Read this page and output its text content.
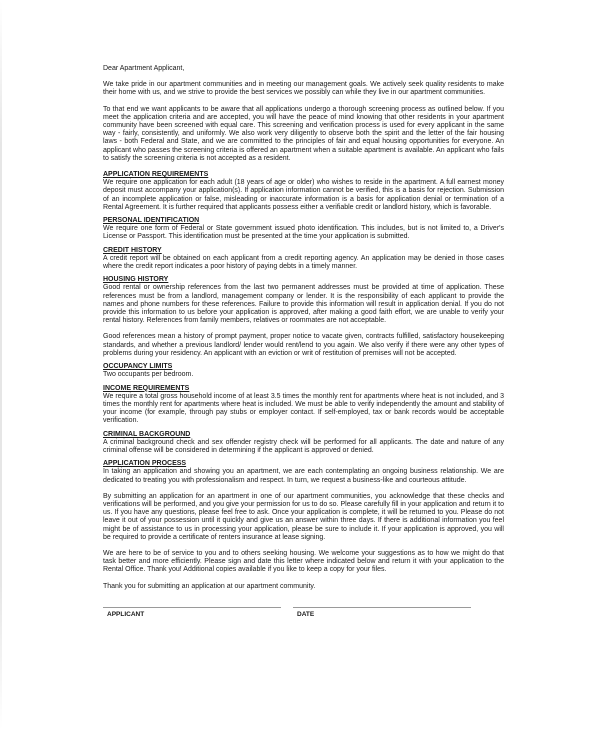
Dear Apartment Applicant,

We take pride in our apartment communities and in meeting our management goals. We actively seek quality residents to make their home with us, and we strive to provide the best services we possibly can while they live in our apartment communities.

To that end we want applicants to be aware that all applications undergo a thorough screening process as outlined below. If you meet the application criteria and are accepted, you will have the peace of mind knowing that other residents in your apartment community have been screened with equal care. This screening and verification process is used for every applicant in the same way - fairly, consistently, and uniformly. We also work very diligently to observe both the spirit and the letter of the fair housing laws - both Federal and State, and we are committed to the principles of fair and equal housing opportunities for everyone. An applicant who passes the screening criteria is offered an apartment when a suitable apartment is available. An applicant who fails to satisfy the screening criteria is not accepted as a resident.

APPLICATION REQUIREMENTS

We require one application for each adult (18 years of age or older) who wishes to reside in the apartment. A full earnest money deposit must accompany your application(s). If application information cannot be verified, this is a basis for rejection. Submission of an incomplete application or false, misleading or inaccurate information is a basis for application denial or termination of a Rental Agreement. It is further required that applicants possess either a verifiable credit or landlord history, which is favorable.

PERSONAL IDENTIFICATION

We require one form of Federal or State government issued photo identification. This includes, but is not limited to, a Driver's License or Passport. This identification must be presented at the time your application is submitted.

CREDIT HISTORY

A credit report will be obtained on each applicant from a credit reporting agency. An application may be denied in those cases where the credit report indicates a poor history of paying debts in a timely manner.

HOUSING HISTORY

Good rental or ownership references from the last two permanent addresses must be provided at time of application. These references must be from a landlord, management company or lender. It is the responsibility of each applicant to provide the names and phone numbers for these references. Failure to provide this information will result in application denial. If you do not provide this information to us before your application is approved, after making a good faith effort, we are unable to verify your rental history. References from family members, relatives or roommates are not acceptable.

Good references mean a history of prompt payment, proper notice to vacate given, contracts fulfilled, satisfactory housekeeping standards, and whether a previous landlord/ lender would rent/lend to you again. We also verify if there were any other types of problems during your residency. An applicant with an eviction or writ of restitution of premises will not be accepted.

OCCUPANCY LIMITS

Two occupants per bedroom.

INCOME REQUIREMENTS

We require a total gross household income of at least 3.5 times the monthly rent for apartments where heat is not included, and 3 times the monthly rent for apartments where heat is included. We must be able to verify independently the amount and stability of your income (for example, through pay stubs or employer contact. If self-employed, tax or bank records would be acceptable verification.

CRIMINAL BACKGROUND

A criminal background check and sex offender registry check will be performed for all applicants. The date and nature of any criminal offense will be considered in determining if the applicant is approved or denied.

APPLICATION PROCESS

In taking an application and showing you an apartment, we are each contemplating an ongoing business relationship. We are dedicated to treating you with professionalism and respect. In turn, we request a business-like and courteous attitude.

By submitting an application for an apartment in one of our apartment communities, you acknowledge that these checks and verifications will be performed, and you give your permission for us to do so. Please carefully fill in your application and return it to us. If you have any questions, please feel free to ask. Once your application is complete, it will be returned to you. Please do not leave it out of your possession until it quickly and give us an answer within three days. If there is additional information you feel might be of assistance to us in processing your application, please be sure to include it. If your application is approved, you will be required to provide a certificate of renters insurance at lease signing.

We are here to be of service to you and to others seeking housing. We welcome your suggestions as to how we might do that task better and more efficiently. Please sign and date this letter where indicated below and return it with your application to the Rental Office. Thank you! Additional copies available if you like to keep a copy for your files.

Thank you for submitting an application at our apartment community.

APPLICANT	DATE
